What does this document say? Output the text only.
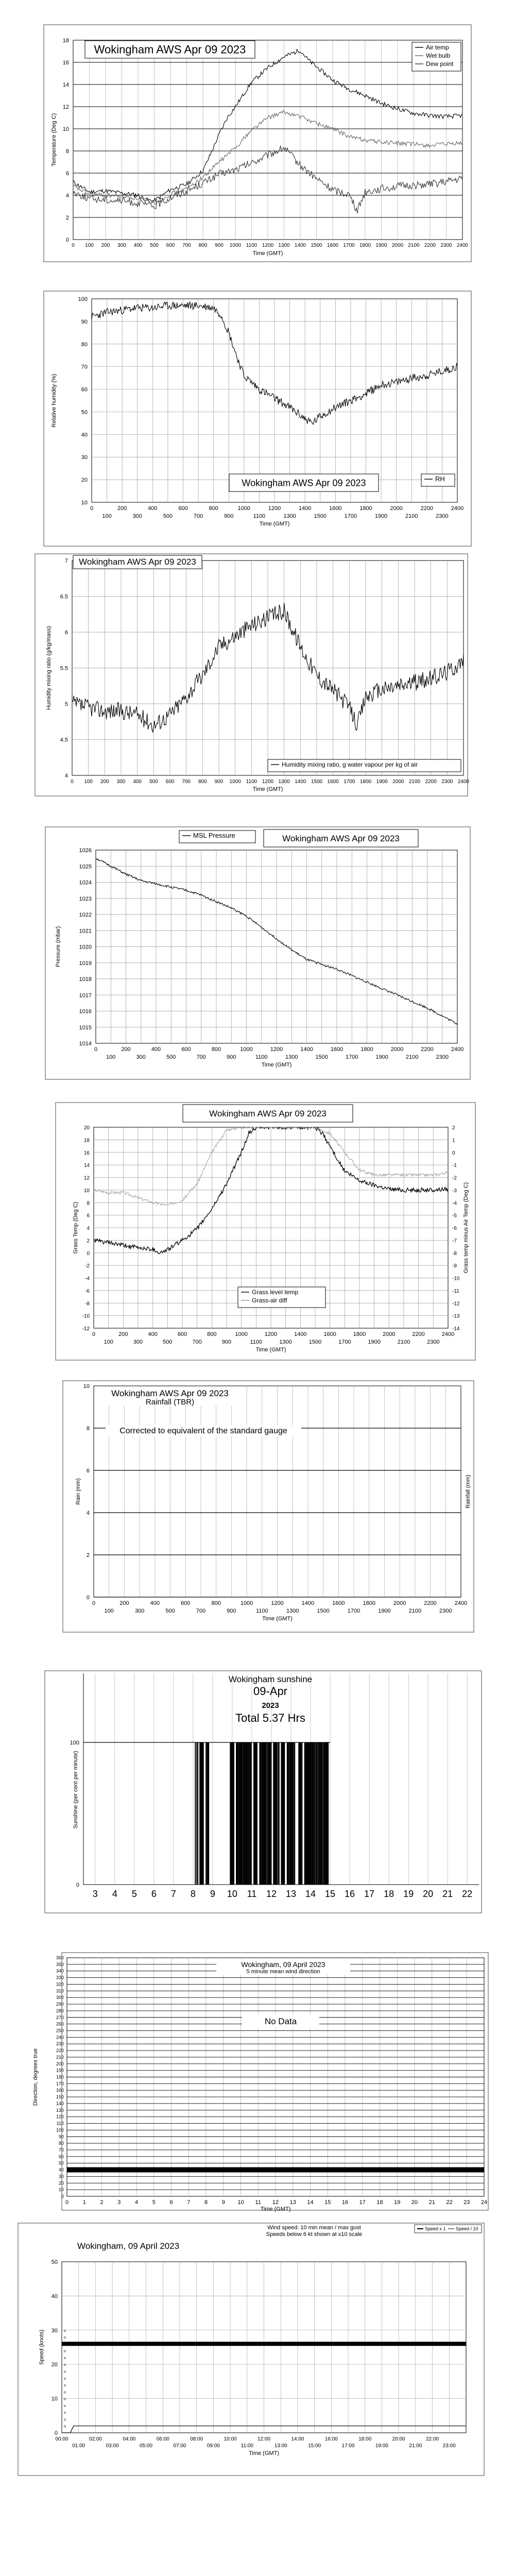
Wokingham AWS Apr 09 2023	Air temp
Wet bulb
Dew point
0
2
4
6
8
10
12
14
16
18
0 100 200 300 400 500 600 700 800 900 1000 1100 1200 1300 1400 1500 1600 1700 1800 1900 2000 2100 2200 2300 2400
Time (GMT)
Temperature (Deg C)
Wokingham AWS Apr 09 2023	RH
10
20
30
40
50
60
70
80
90
100
0	200	400	600	800	1000	1200	1400	1600	1800	2000	2200	2400
100	300	500	700	900	1100	1300	1500	1700	1900	2100	2300
Time (GMT)
Relative humidity (%)
Wokingham AWS Apr 09 2023
Humidity mixing ratio, g water vapour per kg of air
4
4.5
5
5.5
6
6.5
7
0 100 200 300 400 500 600 700 800 900 1000 1100 1200 1300 1400 1500 1600 1700 1800 1900 2000 2100 2200 2300 2400
Time (GMT)
Humidity mixing ratio (g/kg/mass)
MSL Pressure	Wokingham AWS Apr 09 2023
1014
1015
1016
1017
1018
1019
1020
1021
1022
1023
1024
1025
1026
0	200	400	600	800	1000	1200	1400	1600	1800	2000	2200	2400
100	300	500	700	900	1100	1300	1500	1700	1900	2100	2300
Time (GMT)
Pressure (mbar)
Wokingham AWS Apr 09 2023
Grass level temp
Grass-air diff
20
18
16
14
12
10
8
6
4
2
0
-2
-4
-6
-8
-10
-12
2
1
0
-1
-2
-3
-4
-5
-6
-7
-8
-9
-10
-11
-12
-13
-14
0	200	400	600	800	1000	1200	1400	1600	1800	2000	2200	2400
100	300	500	700	900	1100	1300	1500	1700	1900	2100	2300
Time (GMT)
Grass Temp (Deg C)	Grass temp minus Air Temp (Deg C)
Wokingham AWS Apr 09 2023
Rainfall (TBR)
Corrected to equivalent of the standard gauge
0
2
4
6
8
10
0	200	400	600	800	1000	1200	1400	1600	1800	2000	2200	2400
100	300	500	700	900	1100	1300	1500	1700	1900	2100	2300
Time (GMT)
Rain (mm)	Rainfall (mm)
Wokingham sunshine
09-Apr
2023
Total 5.37 Hrs
0
100
3 4 5 6 7 8 9 10 11 12 13 14 15 16 17 18 19 20 21 22
Sunshine (per cent per minute)
Wokingham, 09 April 2023
5 minute mean wind direction
No Data
0
10
20
30
40
50
60
70
80
90
100
110
120
130
140
150
160
170
180
190
200
210
220
230
240
250
260
270
280
290
300
310
320
330
340
350
360
0	1	2	3	4	5	6	7	8	9 10 11 12 13 14 15 16 17 18 19 20 21 22 23 24
Time (GMT)
Direction, degrees true
o
o
o
o
o
o
o
o
o
o
o
o
o
o
Wind speed: 10 min mean / max gust
Speeds below 6 kt shown at x10 scale
Wokingham, 09 April 2023
Speed x 1 Speed / 10
0
10
20
30
40
50
00:00	02:00	04:00	06:00	08:00	10:00	12:00	14:00	16:00	18:00	20:00	22:00
01:00	03:00	05:00	07:00	09:00	11:00	13:00	15:00	17:00	19:00	21:00	23:00
Time (GMT)
Speed (knots)
